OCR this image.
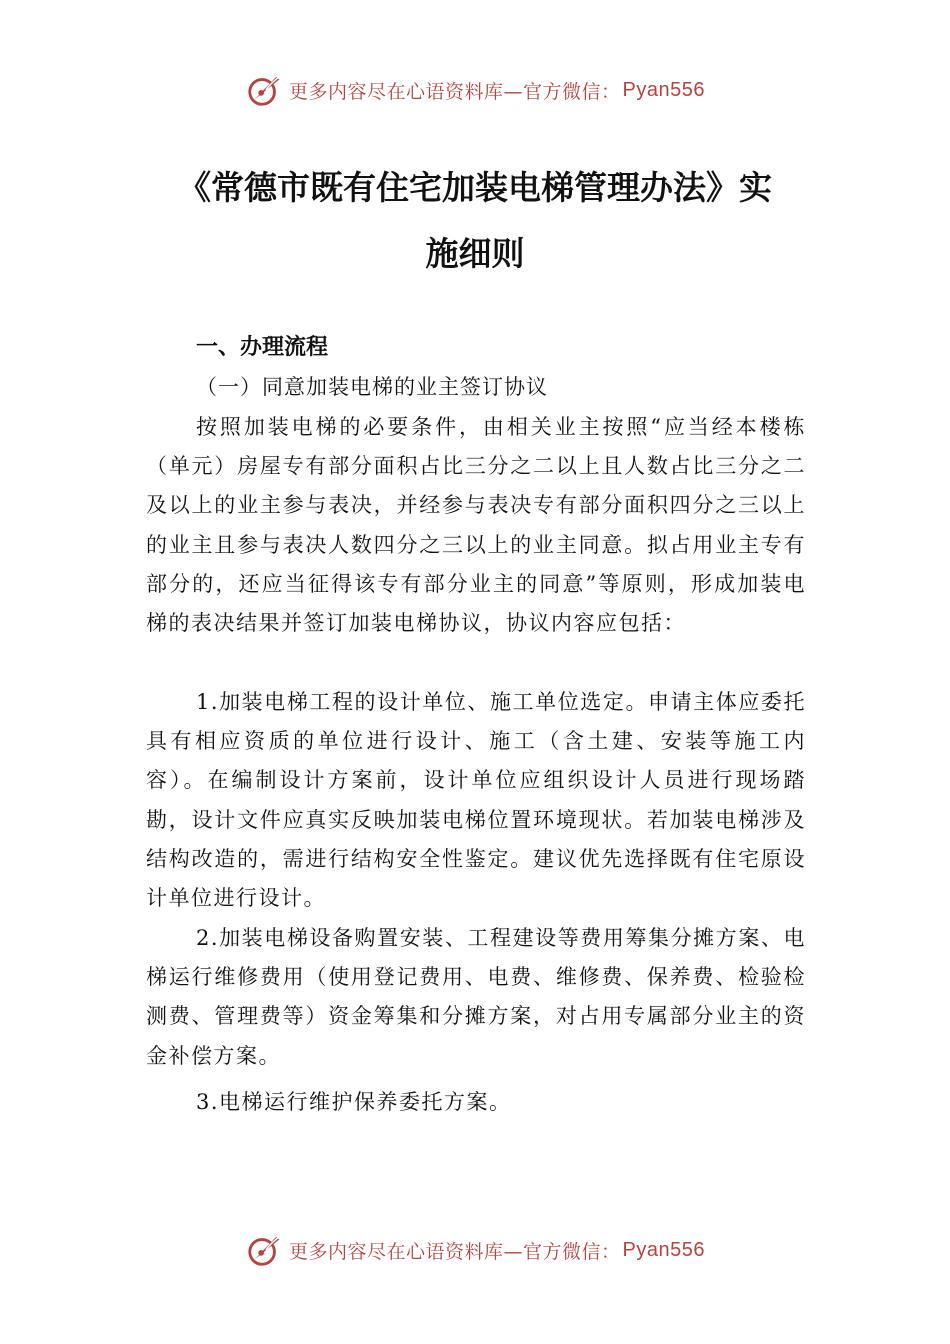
更多内容尽在心语资料库—官方微信： Pyan556
《常德市既有住宅加装电梯管理办法》实
施细则
一、办理流程
（一）同意加装电梯的业主签订协议

按照加装电梯的必要条件，由相关业主按照“应当经本楼栋（单元）房屋专有部分面积占比三分之二以上且人数占比三分之二及以上的业主参与表决，并经参与表决专有部分面积四分之三以上的业主且参与表决人数四分之三以上的业主同意。拟占用业主专有部分的，还应当征得该专有部分业主的同意”等原则，形成加装电梯的表决结果并签订加装电梯协议，协议内容应包括：

1.加装电梯工程的设计单位、施工单位选定。申请主体应委托具有相应资质的单位进行设计、施工（含土建、安装等施工内容）。在编制设计方案前，设计单位应组织设计人员进行现场踏勘，设计文件应真实反映加装电梯位置环境现状。若加装电梯涉及结构改造的，需进行结构安全性鉴定。建议优先选择既有住宅原设计单位进行设计。

2.加装电梯设备购置安装、工程建设等费用筹集分摊方案、电梯运行维修费用（使用登记费用、电费、维修费、保养费、检验检测费、管理费等）资金筹集和分摊方案，对占用专属部分业主的资金补偿方案。

3.电梯运行维护保养委托方案。

更多内容尽在心语资料库—官方微信： Pyan556
